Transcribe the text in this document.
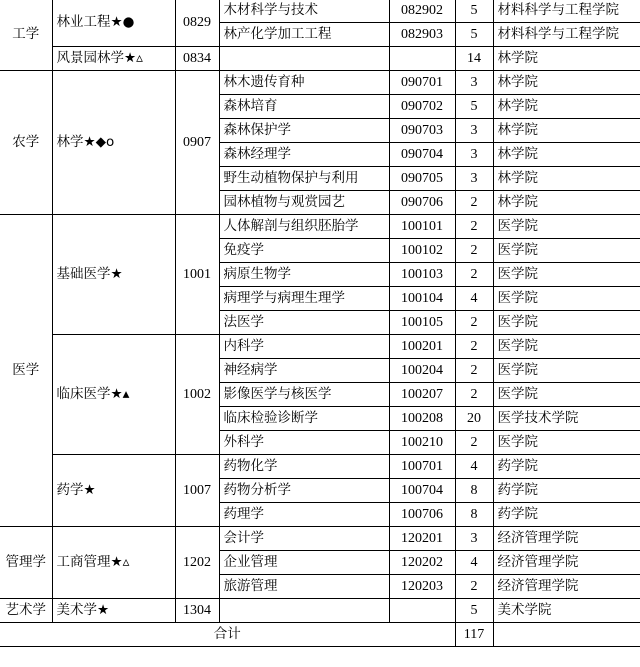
工学	林业工程★●	0829	木材科学与技术	082902	5	材料科学与工程学院
			林产化学加工工程	082903	5	材料科学与工程学院
	风景园林学★▵	0834			14	林学院
农学	林学★◆o	0907	林木遗传育种	090701	3	林学院
			森林培育	090702	5	林学院
			森林保护学	090703	3	林学院
			森林经理学	090704	3	林学院
			野生动植物保护与利用	090705	3	林学院
			园林植物与观赏园艺	090706	2	林学院
医学	基础医学★	1001	人体解剖与组织胚胎学	100101	2	医学院
			免疫学	100102	2	医学院
			病原生物学	100103	2	医学院
			病理学与病理生理学	100104	4	医学院
			法医学	100105	2	医学院
	临床医学★▴	1002	内科学	100201	2	医学院
			神经病学	100204	2	医学院
			影像医学与核医学	100207	2	医学院
			临床检验诊断学	100208	20	医学技术学院
			外科学	100210	2	医学院
	药学★	1007	药物化学	100701	4	药学院
			药物分析学	100704	8	药学院
			药理学	100706	8	药学院
管理学	工商管理★▵	1202	会计学	120201	3	经济管理学院
			企业管理	120202	4	经济管理学院
			旅游管理	120203	2	经济管理学院
艺术学	美术学★	1304			5	美术学院
合计					117	
